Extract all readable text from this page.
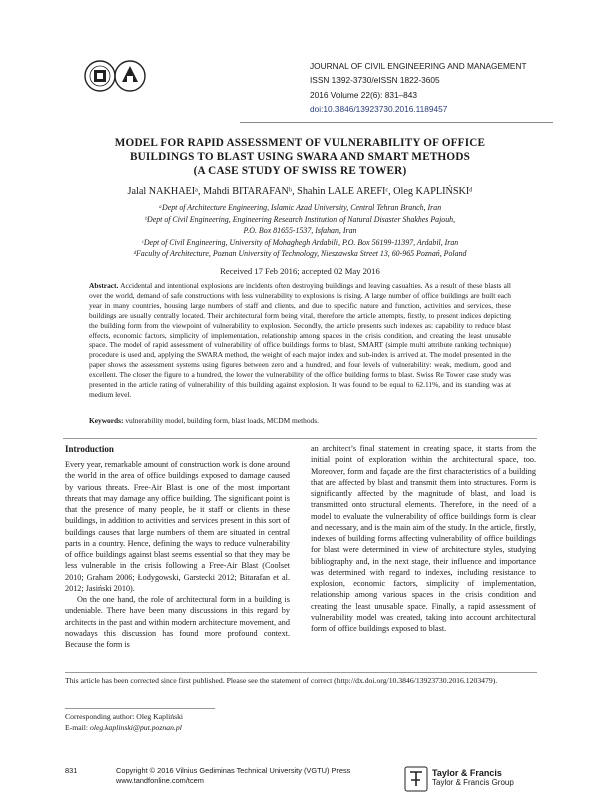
JOURNAL OF CIVIL ENGINEERING AND MANAGEMENT
ISSN 1392-3730/eISSN 1822-3605
2016 Volume 22(6): 831–843
doi:10.3846/13923730.2016.1189457
MODEL FOR RAPID ASSESSMENT OF VULNERABILITY OF OFFICE
BUILDINGS TO BLAST USING SWARA AND SMART METHODS
(A CASE STUDY OF SWISS RE TOWER)
Jalal NAKHAEIᵃ, Mahdi BITARAFANᵇ, Shahin LALE AREFIᶜ, Oleg KAPLIŃSKIᵈ
ᵃDept of Architecture Engineering, Islamic Azad University, Central Tehran Branch, Iran
ᵇDept of Civil Engineering, Engineering Research Institution of Natural Disaster Shakhes Pajouh,
P.O. Box 81655-1537, Isfahan, Iran
ᶜDept of Civil Engineering, University of Mohaghegh Ardabili, P.O. Box 56199-11397, Ardabil, Iran
ᵈFaculty of Architecture, Poznan University of Technology, Nieszawska Street 13, 60-965 Poznań, Poland
Received 17 Feb 2016; accepted 02 May 2016
Abstract. Accidental and intentional explosions are incidents often destroying buildings and leaving casualties. As a result of these blasts all over the world, demand of safe constructions with less vulnerability to explosions is rising. A large number of office buildings are built each year in many countries, housing large numbers of staff and clients, and due to specific nature and function, activities and services, these buildings are usually centrally located. Their architectural form being vital, therefore the article attempts, firstly, to present indices depicting the building form from the viewpoint of vulnerability to explosion. Secondly, the article presents such indexes as: capability to reduce blast effects, economic factors, simplicity of implementation, relationship among spaces in the crisis condition, and creating the least unusable space. The model of rapid assessment of vulnerability of office buildings forms to blast, SMART (simple multi attribute ranking technique) procedure is used and, applying the SWARA method, the weight of each major index and sub-index is arrived at. The model presented in the paper shows the assessment systems using figures between zero and a hundred, and four levels of vulnerability: weak, medium, good and excellent. The closer the figure to a hundred, the lower the vulnerability of the office building forms to blast. Swiss Re Tower case study was presented in the article rating of vulnerability of this building against explosion. It was found to be equal to 62.11%, and its standing was at medium level.
Keywords: vulnerability model, building form, blast loads, MCDM methods.
Introduction

Every year, remarkable amount of construction work is done around the world in the area of office buildings exposed to damage caused by various threats. Free-Air Blast is one of the most important threats that may damage any office building. The significant point is that the presence of many people, be it staff or clients in these buildings, in addition to activities and services present in this sort of buildings causes that large numbers of them are situated in central parts in a country. Hence, defining the ways to reduce vulnerability of office buildings against blast seems essential so that they may be less vulnerable in the crisis following a Free-Air Blast (Coolset 2010; Graham 2006; Łodygowski, Garstecki 2012; Bitarafan et al. 2012; Jasiński 2010).

On the one hand, the role of architectural form in a building is undeniable. There have been many discussions in this regard by architects in the past and within modern architecture movement, and nowadays this discussion has found more profound context. Because the form is

an architect’s final statement in creating space, it starts from the initial point of exploration within the architectural space, too. Moreover, form and façade are the first characteristics of a building that are affected by blast and transmit them into structures. Form is significantly affected by the magnitude of blast, and load is transmitted onto structural elements. Therefore, in the need of a model to evaluate the vulnerability of office buildings form is clear and necessary, and is the main aim of the study. In the article, firstly, indexes of building forms affecting vulnerability of office buildings for blast were determined in view of architecture styles, studying bibliography and, in the next stage, their influence and importance was determined with regard to indexes, including resistance to explosion, economic factors, simplicity of implementation, relationship among various spaces in the crisis condition and creating the least unusable space. Finally, a rapid assessment of vulnerability model was created, taking into account architectural form of office buildings exposed to blast.

This article has been corrected since first published. Please see the statement of correct (http://dx.doi.org/10.3846/13923730.2016.1203479).
Corresponding author: Oleg Kapliński
E-mail: oleg.kaplinski@put.poznan.pl
831	Copyright © 2016 Vilnius Gediminas Technical University (VGTU) Press
www.tandfonline.com/tcem
Taylor & Francis
Taylor & Francis Group
